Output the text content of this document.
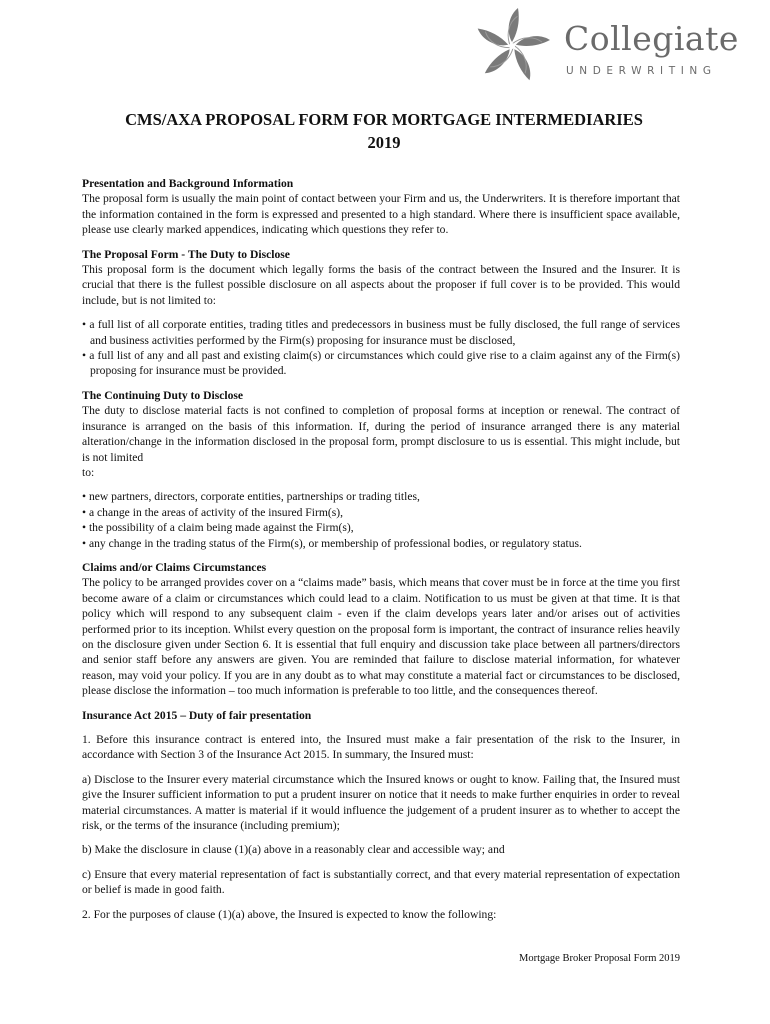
Collegiate
UNDERWRITING
CMS/AXA PROPOSAL FORM FOR MORTGAGE INTERMEDIARIES
2019
Presentation and Background Information

The proposal form is usually the main point of contact between your Firm and us, the Underwriters. It is therefore important that the information contained in the form is expressed and presented to a high standard. Where there is insufficient space available, please use clearly marked appendices, indicating which questions they refer to.

The Proposal Form - The Duty to Disclose

This proposal form is the document which legally forms the basis of the contract between the Insured and the Insurer. It is crucial that there is the fullest possible disclosure on all aspects about the proposer if full cover is to be provided. This would include, but is not limited to:

• a full list of all corporate entities, trading titles and predecessors in business must be fully disclosed, the full range of services and business activities performed by the Firm(s) proposing for insurance must be disclosed,

• a full list of any and all past and existing claim(s) or circumstances which could give rise to a claim against any of the Firm(s) proposing for insurance must be provided.

The Continuing Duty to Disclose

The duty to disclose material facts is not confined to completion of proposal forms at inception or renewal. The contract of insurance is arranged on the basis of this information. If, during the period of insurance arranged there is any material alteration/change in the information disclosed in the proposal form, prompt disclosure to us is essential. This might include, but is not limited

to:

• new partners, directors, corporate entities, partnerships or trading titles,

• a change in the areas of activity of the insured Firm(s),

• the possibility of a claim being made against the Firm(s),

• any change in the trading status of the Firm(s), or membership of professional bodies, or regulatory status.

Claims and/or Claims Circumstances

The policy to be arranged provides cover on a “claims made” basis, which means that cover must be in force at the time you first become aware of a claim or circumstances which could lead to a claim. Notification to us must be given at that time. It is that policy which will respond to any subsequent claim - even if the claim develops years later and/or arises out of activities performed prior to its inception. Whilst every question on the proposal form is important, the contract of insurance relies heavily on the disclosure given under Section 6. It is essential that full enquiry and discussion take place between all partners/directors and senior staff before any answers are given. You are reminded that failure to disclose material information, for whatever reason, may void your policy. If you are in any doubt as to what may constitute a material fact or circumstances to be disclosed, please disclose the information – too much information is preferable to too little, and the consequences thereof.

Insurance Act 2015 – Duty of fair presentation

1. Before this insurance contract is entered into, the Insured must make a fair presentation of the risk to the Insurer, in accordance with Section 3 of the Insurance Act 2015. In summary, the Insured must:

a) Disclose to the Insurer every material circumstance which the Insured knows or ought to know. Failing that, the Insured must give the Insurer sufficient information to put a prudent insurer on notice that it needs to make further enquiries in order to reveal material circumstances. A matter is material if it would influence the judgement of a prudent insurer as to whether to accept the risk, or the terms of the insurance (including premium);

b) Make the disclosure in clause (1)(a) above in a reasonably clear and accessible way; and

c) Ensure that every material representation of fact is substantially correct, and that every material representation of expectation or belief is made in good faith.

2. For the purposes of clause (1)(a) above, the Insured is expected to know the following:

Mortgage Broker Proposal Form 2019
